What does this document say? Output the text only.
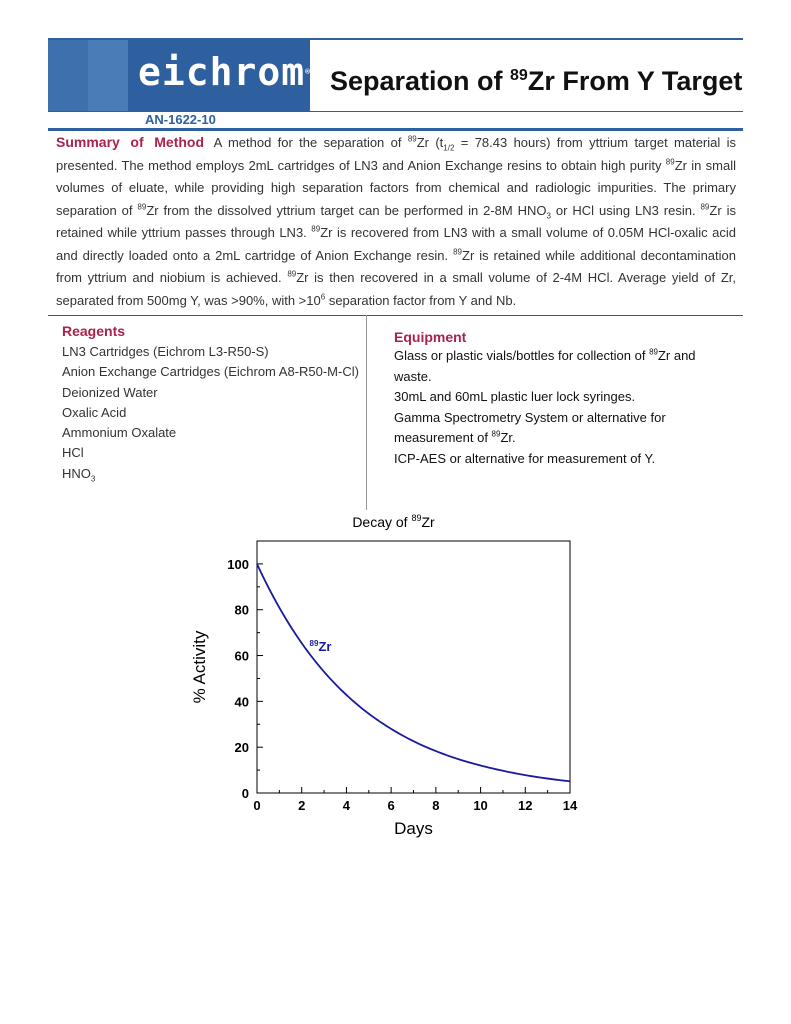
eichrom® Separation of $^{89}$Zr From Y Target
AN-1622-10
Summary of Method A method for the separation of $^{89}$Zr ($t_{1/2} = 78.43$ hours) from yttrium target material is presented. The method employs 2mL cartridges of LN3 and Anion Exchange resins to obtain high purity $^{89}$Zr in small volumes of eluate, while providing high separation factors from chemical and radiologic impurities. The primary separation of $^{89}$Zr from the dissolved yttrium target can be performed in 2-8M $HNO_3$ or HCl using LN3 resin. $^{89}$Zr is retained while yttrium passes through LN3. $^{89}$Zr is recovered from LN3 with a small volume of 0.05M HCl-oxalic acid and directly loaded onto a 2mL cartridge of Anion Exchange resin. $^{89}$Zr is retained while additional decontamination from yttrium and niobium is achieved. $^{89}$Zr is then recovered in a small volume of 2-4M HCl. Average yield of Zr, separated from 500mg Y, was >90%, with $>10^6$ separation factor from Y and Nb.
Reagents
LN3 Cartridges (Eichrom L3-R50-S)
Anion Exchange Cartridges (Eichrom A8-R50-M-Cl)
Deionized Water
Oxalic Acid
Ammonium Oxalate
HCl
$HNO_3$
Equipment
Glass or plastic vials/bottles for collection of $^{89}$Zr and waste.
30mL and 60mL plastic luer lock syringes.
Gamma Spectrometry System or alternative for measurement of $^{89}$Zr.
ICP-AES or alternative for measurement of Y.
Decay of $^{89}$Zr
0	2	4	6	8	10 12 14
0
20
40
60
80
100
Days
% Activity	$^{89}$Zr
